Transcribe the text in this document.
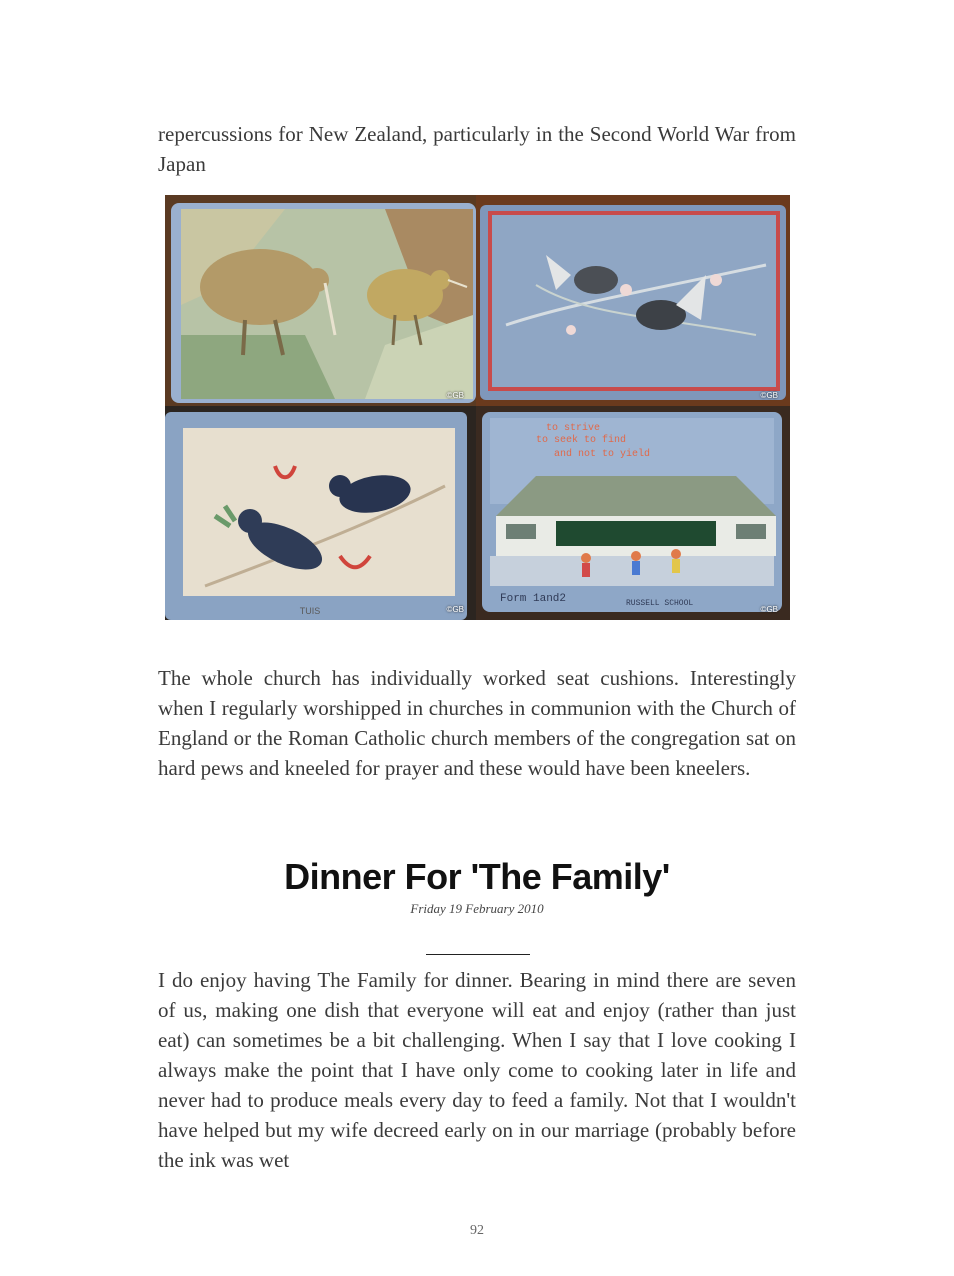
repercussions for New Zealand, particularly in the Second World War from Japan

©GB	©GB
TUIS	©GB
to strive
to seek to find
and not to yield
Form 1and2	RUSSELL SCHOOL
©GB

The whole church has individually worked seat cushions. Interestingly when I regularly worshipped in churches in communion with the Church of England or the Roman Catholic church members of the congregation sat on hard pews and kneeled for prayer and these would have been kneelers.

Dinner For 'The Family'
Friday 19 February 2010

I do enjoy having The Family for dinner. Bearing in mind there are seven of us, making one dish that everyone will eat and enjoy (rather than just eat) can sometimes be a bit challenging. When I say that I love cooking I always make the point that I have only come to cooking later in life and never had to produce meals every day to feed a family. Not that I wouldn't have helped but my wife decreed early on in our marriage (probably before the ink was wet

92
